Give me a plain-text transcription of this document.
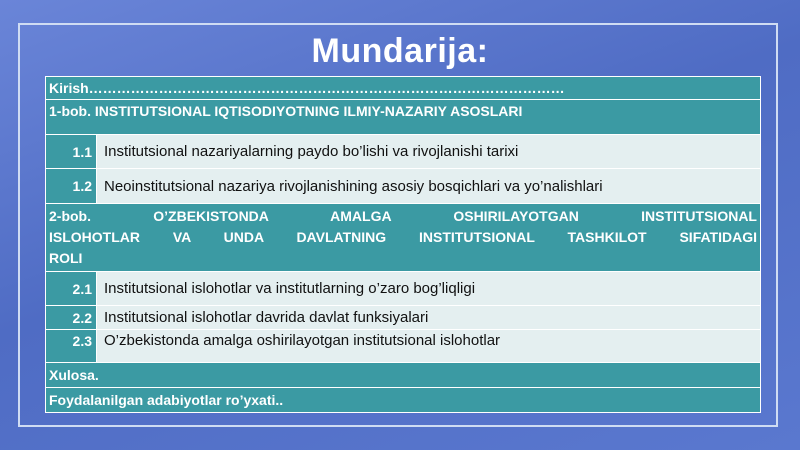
Mundarija:
Kirish…………………………………………………………………………………………
1-bob. INSTITUTSIONAL IQTISODIYOTNING ILMIY-NAZARIY ASOSLARI
1.1 Institutsional nazariyalarning paydo bo’lishi va rivojlanishi tarixi
1.2 Neoinstitutsional nazariya rivojlanishining asosiy bosqichlari va yo’nalishlari
2-bob. O’ZBEKISTONDA AMALGA OSHIRILAYOTGAN INSTITUTSIONAL
ISLOHOTLAR VA UNDA DAVLATNING INSTITUTSIONAL TASHKILOT SIFATIDAGI
ROLI
2.1 Institutsional islohotlar va institutlarning o’zaro bog’liqligi
2.2 Institutsional islohotlar davrida davlat funksiyalari
2.3 O’zbekistonda amalga oshirilayotgan institutsional islohotlar
Xulosa.
Foydalanilgan adabiyotlar ro’yxati..
